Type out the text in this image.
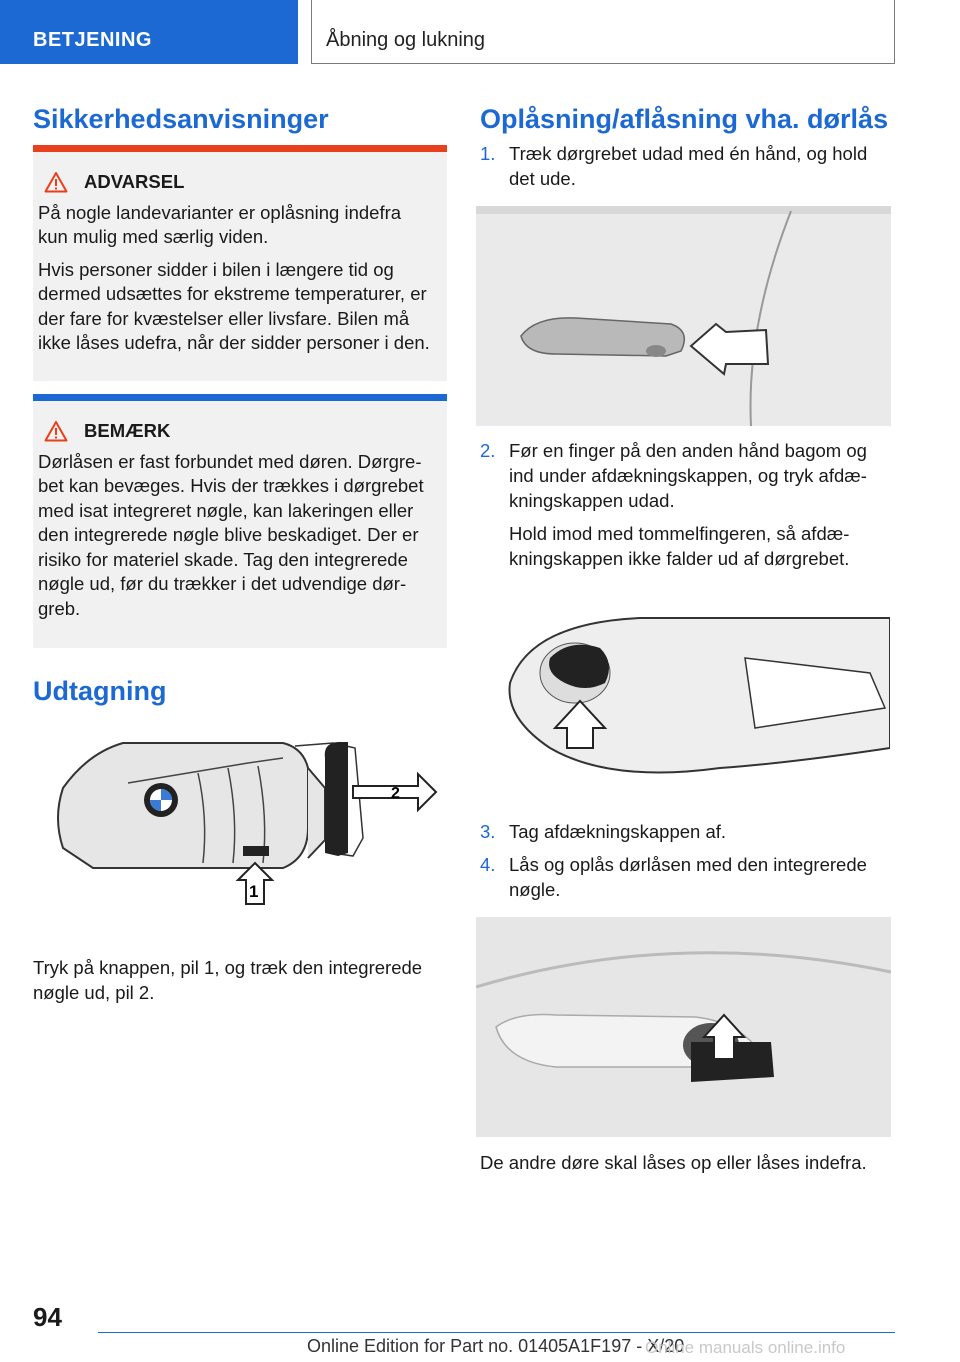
BETJENING	Åbning og lukning
Sikkerhedsanvisninger
ADVARSEL

På nogle landevarianter er oplåsning indefra kun mulig med særlig viden.

Hvis personer sidder i bilen i længere tid og dermed udsættes for ekstreme temperaturer, er der fare for kvæstelser eller livsfare. Bilen må ikke låses udefra, når der sidder personer i den.

BEMÆRK

Dørlåsen er fast forbundet med døren. Dørgrebet kan bevæges. Hvis der trækkes i dørgrebet med isat integreret nøgle, kan lakeringen eller den integrerede nøgle blive beskadiget. Der er risiko for materiel skade. Tag den integrerede nøgle ud, før du trækker i det udvendige dørgreb.

Udtagning
1
2

Tryk på knappen, pil 1, og træk den integrerede nøgle ud, pil 2.

Oplåsning/aflåsning vha. dørlås
1. Træk dørgrebet udad med én hånd, og hold det ude.

2. Før en finger på den anden hånd bagom og ind under afdækningskappen, og tryk afdækningskappen udad.

Hold imod med tommelfingeren, så afdækningskappen ikke falder ud af dørgrebet.

3. Tag afdækningskappen af.

4. Lås og oplås dørlåsen med den integrerede nøgle.

De andre døre skal låses op eller låses indefra.

94
Online Edition for Part no. 01405A1F197 - X/20
Online manuals online.info
